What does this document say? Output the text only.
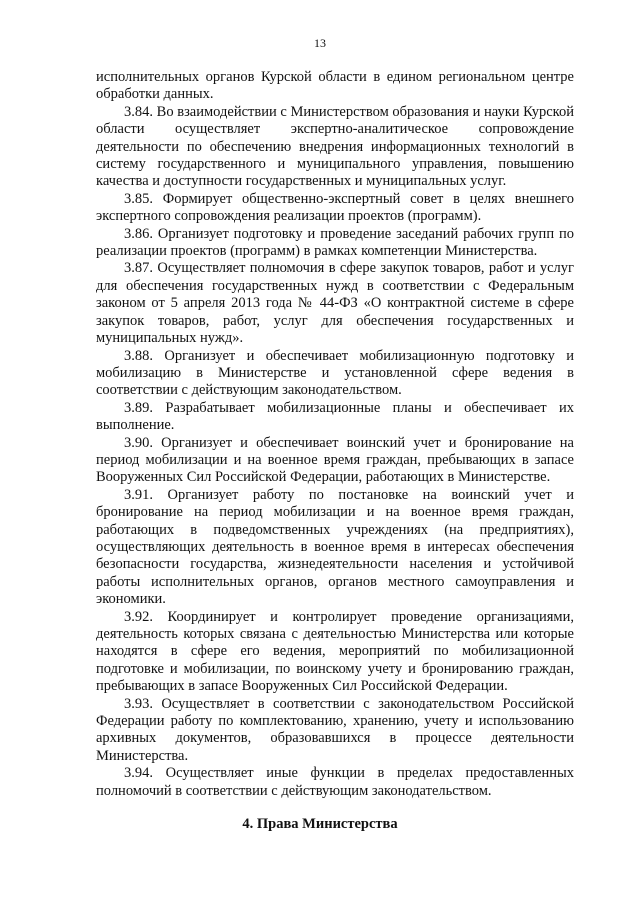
13

исполнительных органов Курской области в едином региональном центре обработки данных.

3.84. Во взаимодействии с Министерством образования и науки Курской области осуществляет экспертно-аналитическое сопровождение деятельности по обеспечению внедрения информационных технологий в систему государственного и муниципального управления, повышению качества и доступности государственных и муниципальных услуг.

3.85. Формирует общественно-экспертный совет в целях внешнего экспертного сопровождения реализации проектов (программ).

3.86. Организует подготовку и проведение заседаний рабочих групп по реализации проектов (программ) в рамках компетенции Министерства.

3.87. Осуществляет полномочия в сфере закупок товаров, работ и услуг для обеспечения государственных нужд в соответствии с Федеральным законом от 5 апреля 2013 года № 44-ФЗ «О контрактной системе в сфере закупок товаров, работ, услуг для обеспечения государственных и муниципальных нужд».

3.88. Организует и обеспечивает мобилизационную подготовку и мобилизацию в Министерстве и установленной сфере ведения в соответствии с действующим законодательством.

3.89. Разрабатывает мобилизационные планы и обеспечивает их выполнение.

3.90. Организует и обеспечивает воинский учет и бронирование на период мобилизации и на военное время граждан, пребывающих в запасе Вооруженных Сил Российской Федерации, работающих в Министерстве.

3.91. Организует работу по постановке на воинский учет и бронирование на период мобилизации и на военное время граждан, работающих в подведомственных учреждениях (на предприятиях), осуществляющих деятельность в военное время в интересах обеспечения безопасности государства, жизнедеятельности населения и устойчивой работы исполнительных органов, органов местного самоуправления и экономики.

3.92. Координирует и контролирует проведение организациями, деятельность которых связана с деятельностью Министерства или которые находятся в сфере его ведения, мероприятий по мобилизационной подготовке и мобилизации, по воинскому учету и бронированию граждан, пребывающих в запасе Вооруженных Сил Российской Федерации.

3.93. Осуществляет в соответствии с законодательством Российской Федерации работу по комплектованию, хранению, учету и использованию архивных документов, образовавшихся в процессе деятельности Министерства.

3.94. Осуществляет иные функции в пределах предоставленных полномочий в соответствии с действующим законодательством.

4. Права Министерства
